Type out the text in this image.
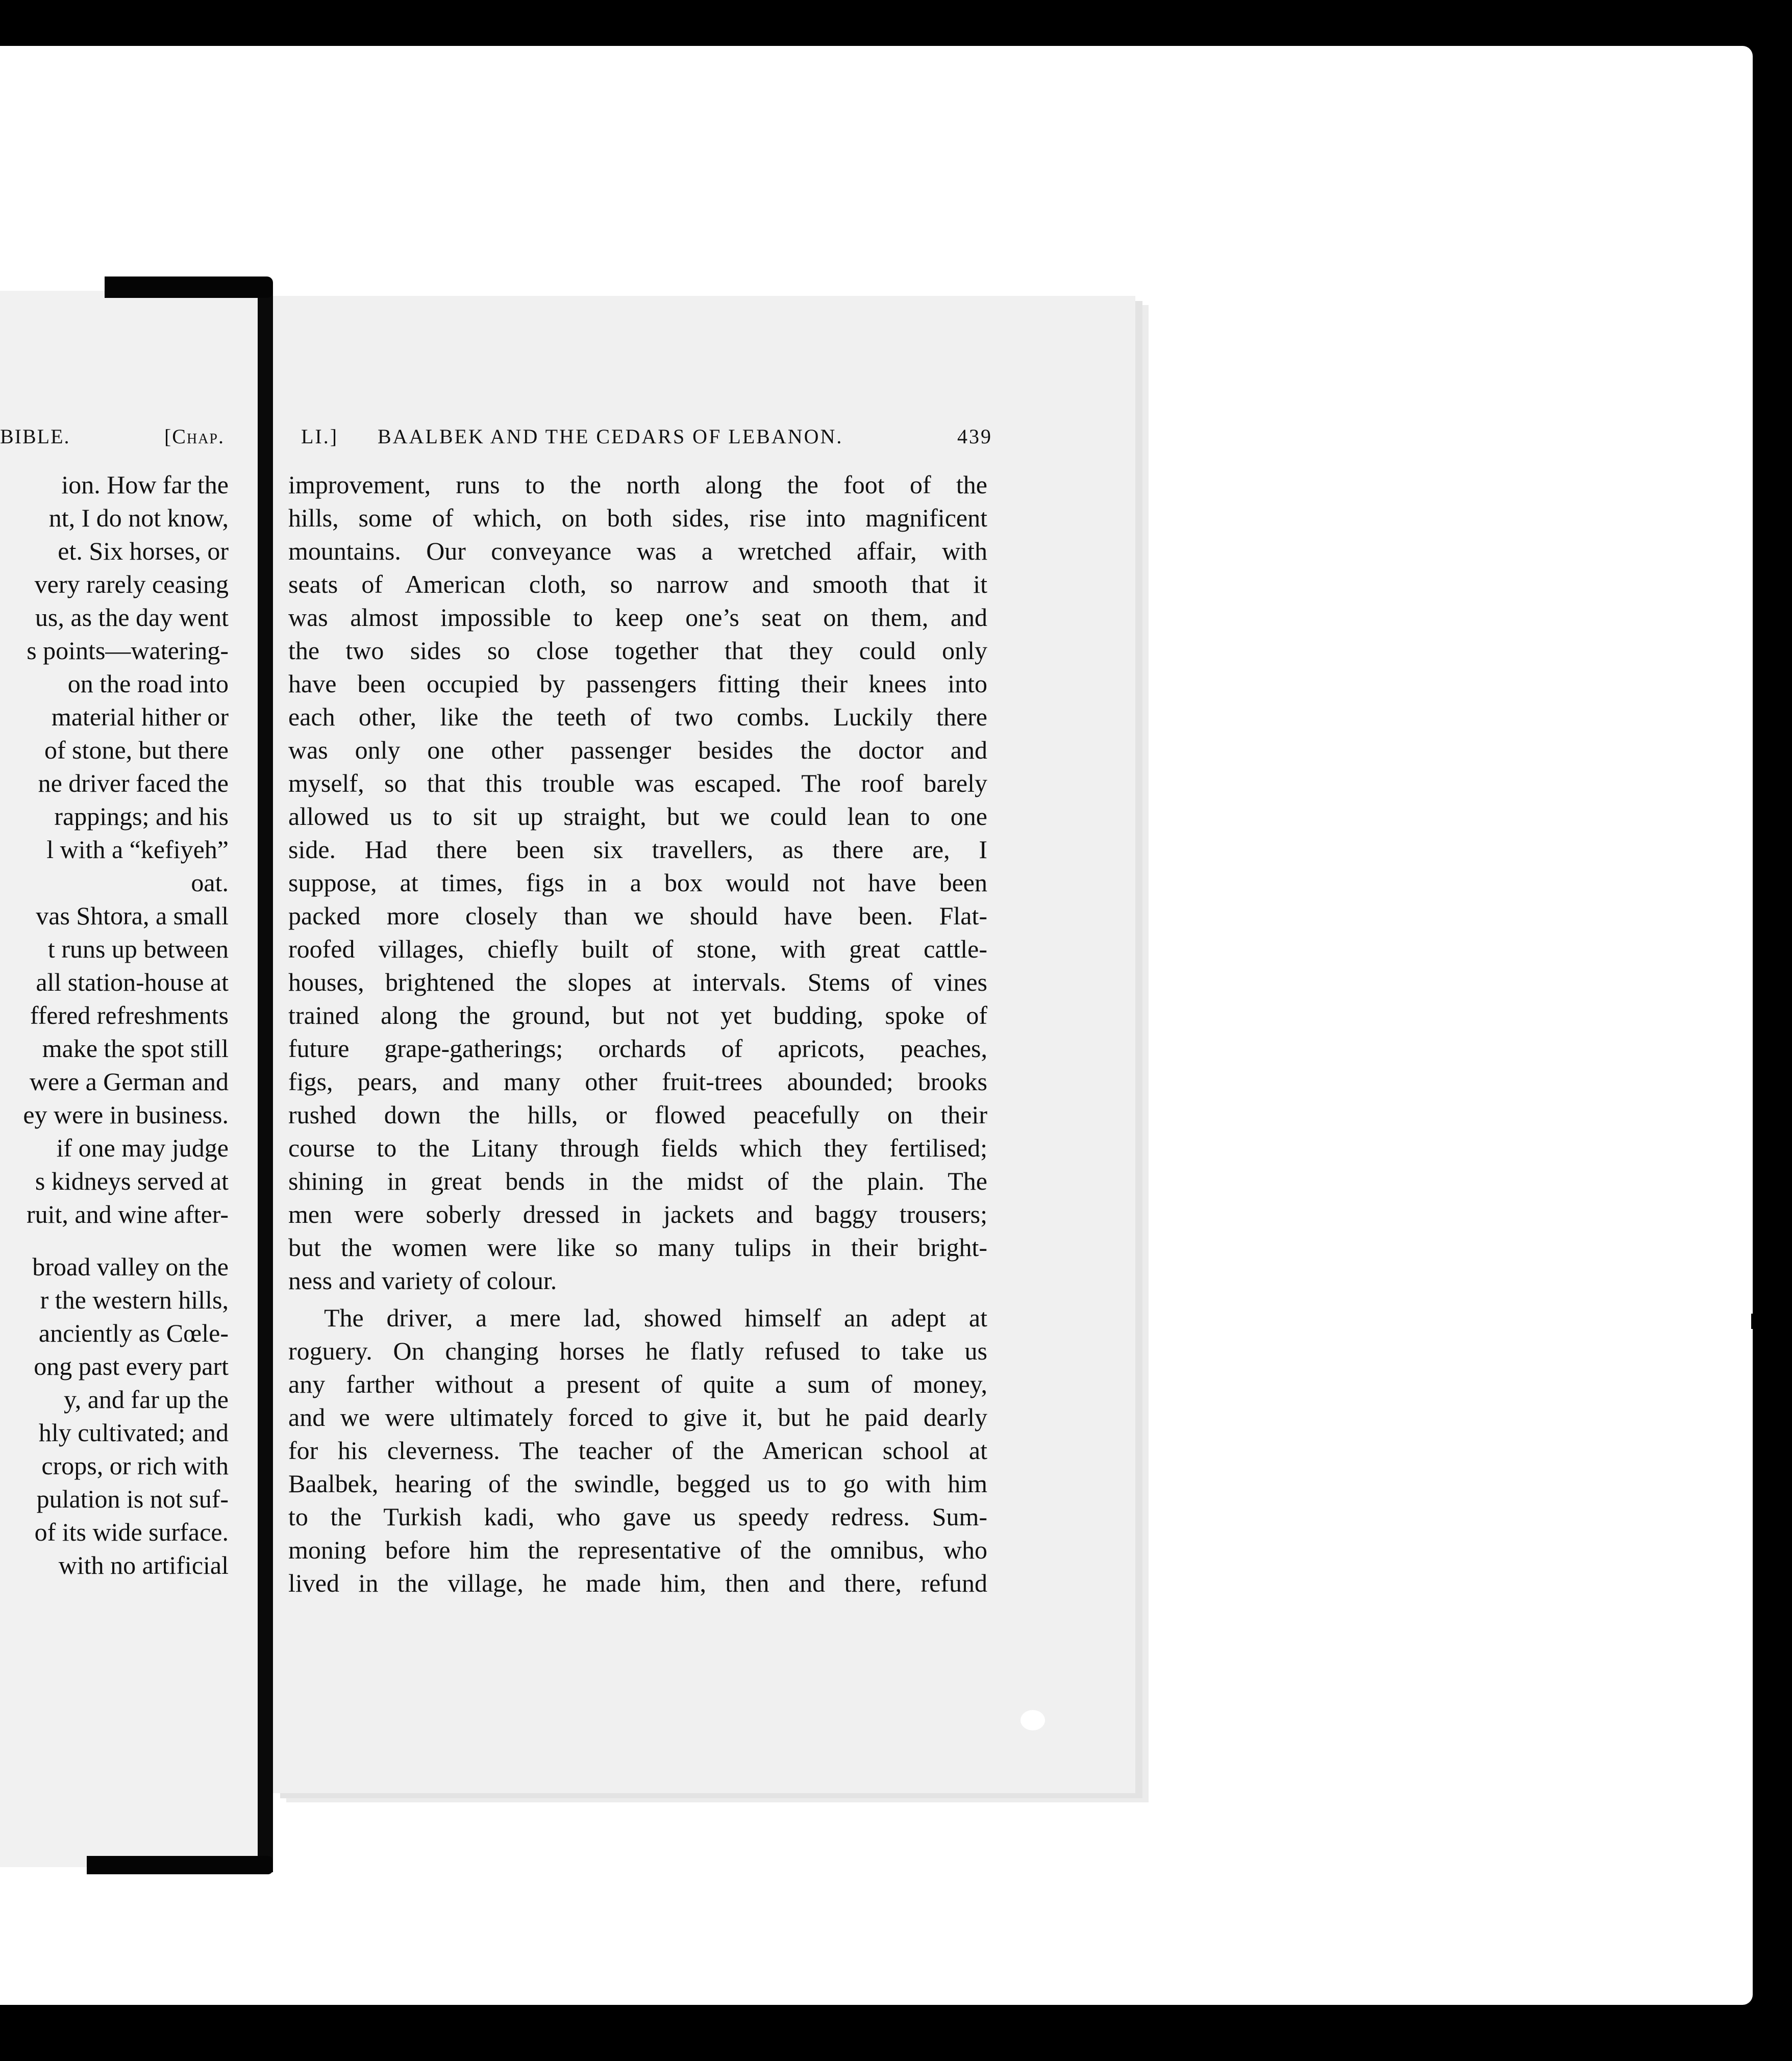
BIBLE.	[Chap.
ion. How far the
nt, I do not know,
et. Six horses, or
very rarely ceasing
us, as the day went
s points—watering-
on the road into
material hither or
of stone, but there
ne driver faced the
rappings; and his
l with a “kefiyeh”
oat.
vas Shtora, a small
t runs up between
all station-house at
ffered refreshments
make the spot still
were a German and
ey were in business.
if one may judge
s kidneys served at
ruit, and wine after-
broad valley on the
r the western hills,
anciently as Cœle-
ong past every part
y, and far up the
hly cultivated; and
crops, or rich with
pulation is not suf-
of its wide surface.
with no artificial
LI.] BAALBEK AND THE CEDARS OF LEBANON.	439
improvement, runs to the north along the foot of the
hills, some of which, on both sides, rise into magnificent
mountains. Our conveyance was a wretched affair, with
seats of American cloth, so narrow and smooth that it
was almost impossible to keep one’s seat on them, and
the two sides so close together that they could only
have been occupied by passengers fitting their knees into
each other, like the teeth of two combs. Luckily there
was only one other passenger besides the doctor and
myself, so that this trouble was escaped. The roof barely
allowed us to sit up straight, but we could lean to one
side. Had there been six travellers, as there are, I
suppose, at times, figs in a box would not have been
packed more closely than we should have been. Flat-
roofed villages, chiefly built of stone, with great cattle-
houses, brightened the slopes at intervals. Stems of vines
trained along the ground, but not yet budding, spoke of
future grape-gatherings; orchards of apricots, peaches,
figs, pears, and many other fruit-trees abounded; brooks
rushed down the hills, or flowed peacefully on their
course to the Litany through fields which they fertilised;
shining in great bends in the midst of the plain. The
men were soberly dressed in jackets and baggy trousers;
but the women were like so many tulips in their bright-
ness and variety of colour.
The driver, a mere lad, showed himself an adept at
roguery. On changing horses he flatly refused to take us
any farther without a present of quite a sum of money,
and we were ultimately forced to give it, but he paid dearly
for his cleverness. The teacher of the American school at
Baalbek, hearing of the swindle, begged us to go with him
to the Turkish kadi, who gave us speedy redress. Sum-
moning before him the representative of the omnibus, who
lived in the village, he made him, then and there, refund
